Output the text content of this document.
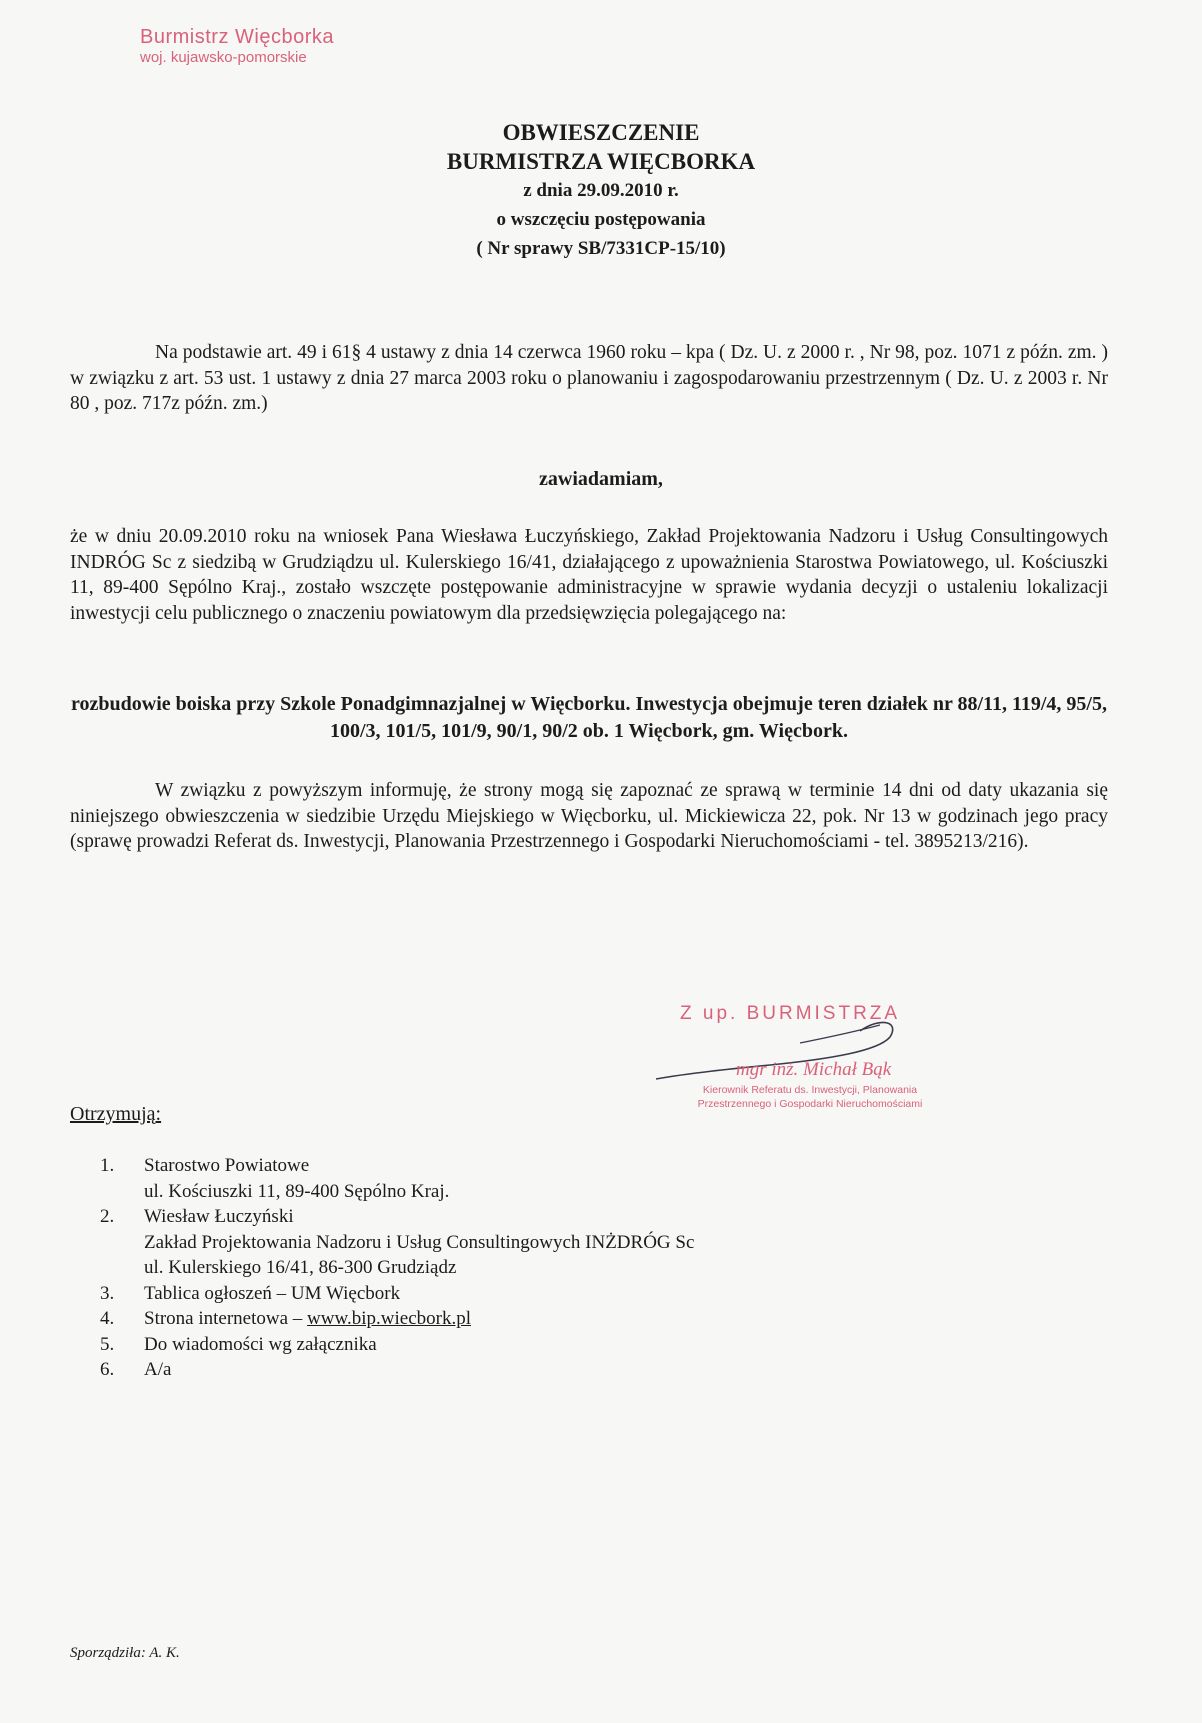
Burmistrz Więcborka
woj. kujawsko-pomorskie
OBWIESZCZENIE
BURMISTRZA WIĘCBORKA
z dnia 29.09.2010 r.
o wszczęciu postępowania
( Nr sprawy SB/7331CP-15/10)
Na podstawie art. 49 i 61§ 4 ustawy z dnia 14 czerwca 1960 roku – kpa ( Dz. U. z 2000 r. , Nr 98, poz. 1071 z późn. zm. ) w związku z art. 53 ust. 1 ustawy z dnia 27 marca 2003 roku o planowaniu i zagospodarowaniu przestrzennym ( Dz. U. z 2003 r. Nr 80 , poz. 717z późn. zm.)
zawiadamiam,
że w dniu 20.09.2010 roku na wniosek Pana Wiesława Łuczyńskiego, Zakład Projektowania Nadzoru i Usług Consultingowych INDRÓG Sc z siedzibą w Grudziądzu ul. Kulerskiego 16/41, działającego z upoważnienia Starostwa Powiatowego, ul. Kościuszki 11, 89-400 Sępólno Kraj., zostało wszczęte postępowanie administracyjne w sprawie wydania decyzji o ustaleniu lokalizacji inwestycji celu publicznego o znaczeniu powiatowym dla przedsięwzięcia polegającego na:
rozbudowie boiska przy Szkole Ponadgimnazjalnej w Więcborku. Inwestycja obejmuje teren działek nr 88/11, 119/4, 95/5, 100/3, 101/5, 101/9, 90/1, 90/2 ob. 1 Więcbork, gm. Więcbork.
W związku z powyższym informuję, że strony mogą się zapoznać ze sprawą w terminie 14 dni od daty ukazania się niniejszego obwieszczenia w siedzibie Urzędu Miejskiego w Więcborku, ul. Mickiewicza 22, pok. Nr 13 w godzinach jego pracy (sprawę prowadzi Referat ds. Inwestycji, Planowania Przestrzennego i Gospodarki Nieruchomościami - tel. 3895213/216).
Z up. BURMISTRZA
mgr inż. Michał Bąk
Kierownik Referatu ds. Inwestycji, Planowania
Przestrzennego i Gospodarki Nieruchomościami
Otrzymują:
1.	Starostwo Powiatowe
ul. Kościuszki 11, 89-400 Sępólno Kraj.
2.	Wiesław Łuczyński
Zakład Projektowania Nadzoru i Usług Consultingowych INŻDRÓG Sc
ul. Kulerskiego 16/41, 86-300 Grudziądz
3.	Tablica ogłoszeń – UM Więcbork
4.	Strona internetowa – www.bip.wiecbork.pl
5.	Do wiadomości wg załącznika
6.	A/a
Sporządziła: A. K.
